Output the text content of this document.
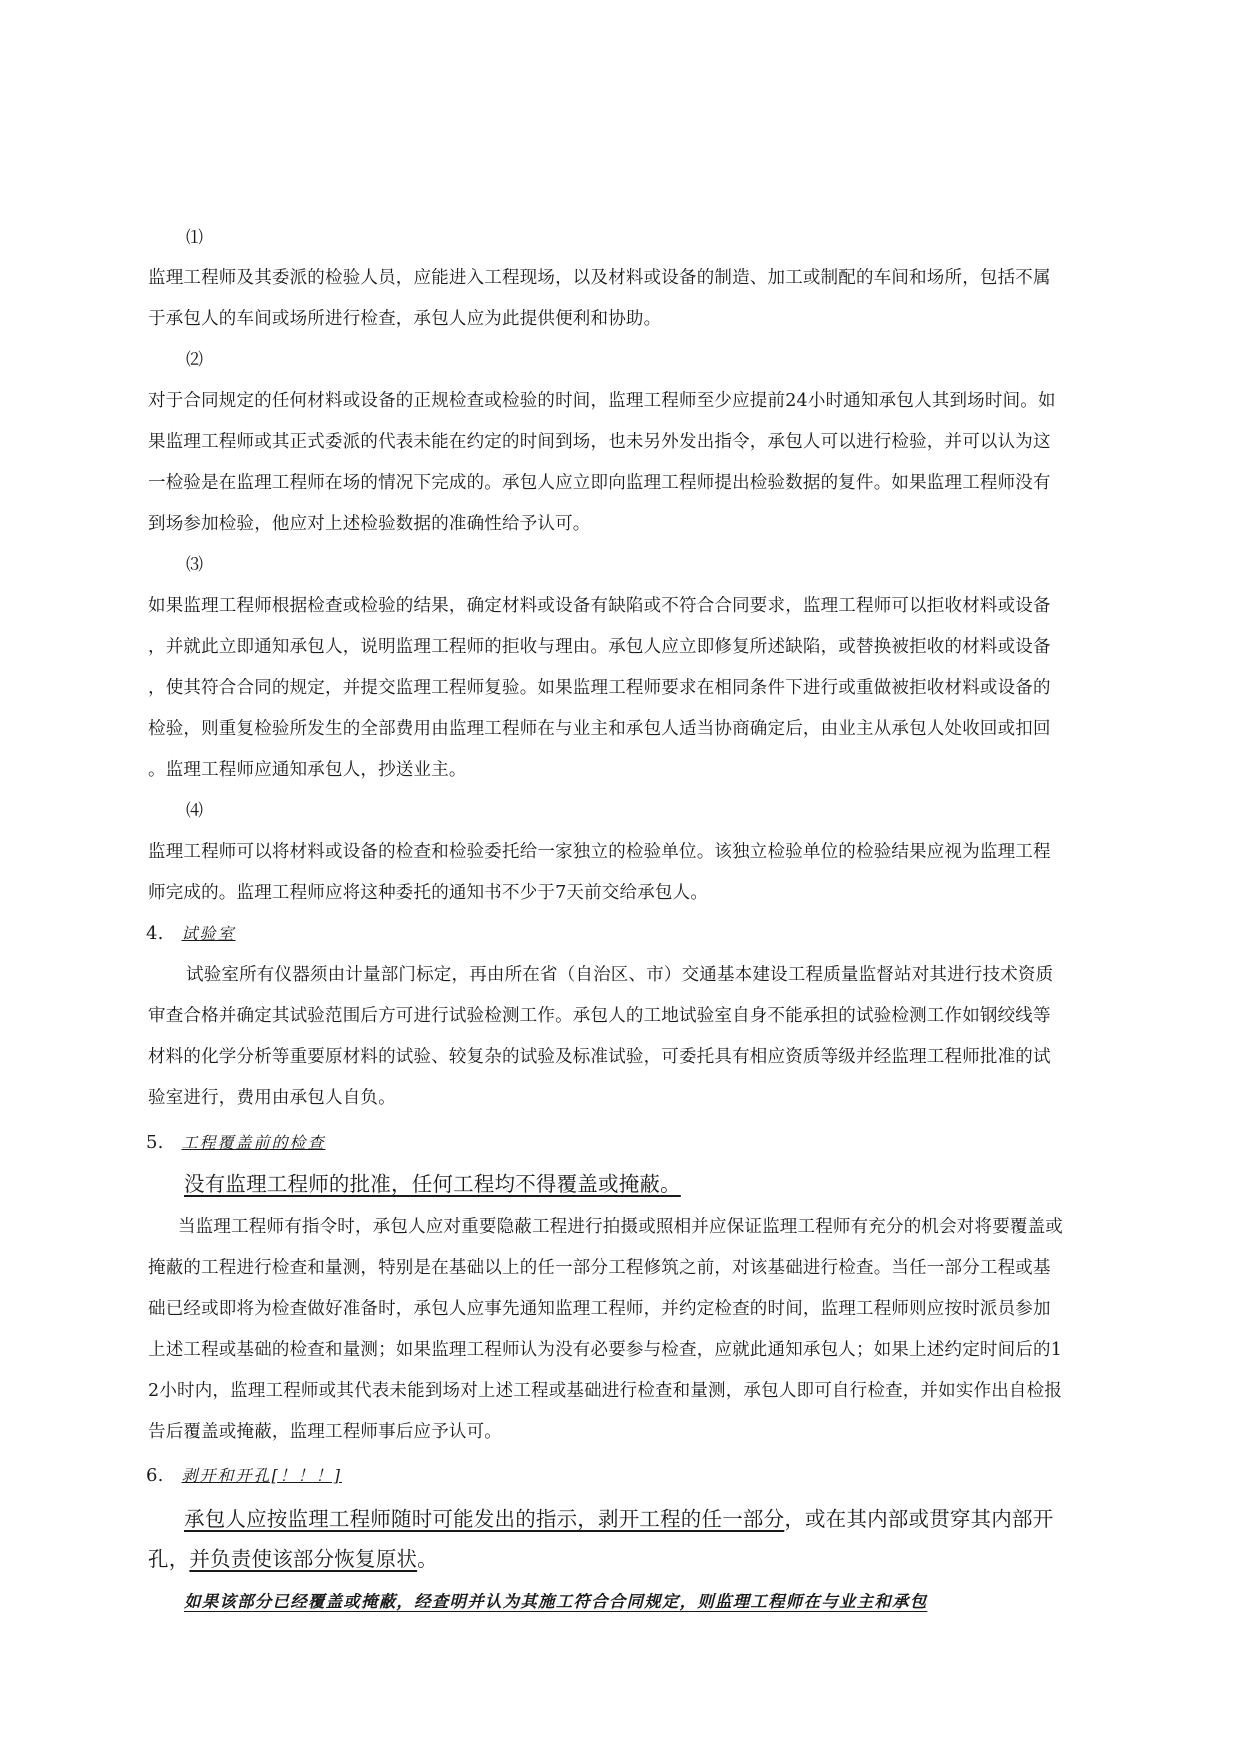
⑴
监理工程师及其委派的检验人员，应能进入工程现场，以及材料或设备的制造、加工或制配的车间和场所，包括不属
于承包人的车间或场所进行检查，承包人应为此提供便利和协助。
⑵
对于合同规定的任何材料或设备的正规检查或检验的时间，监理工程师至少应提前24小时通知承包人其到场时间。如
果监理工程师或其正式委派的代表未能在约定的时间到场，也未另外发出指令，承包人可以进行检验，并可以认为这
一检验是在监理工程师在场的情况下完成的。承包人应立即向监理工程师提出检验数据的复件。如果监理工程师没有
到场参加检验，他应对上述检验数据的准确性给予认可。
⑶
如果监理工程师根据检查或检验的结果，确定材料或设备有缺陷或不符合合同要求，监理工程师可以拒收材料或设备
，并就此立即通知承包人，说明监理工程师的拒收与理由。承包人应立即修复所述缺陷，或替换被拒收的材料或设备
，使其符合合同的规定，并提交监理工程师复验。如果监理工程师要求在相同条件下进行或重做被拒收材料或设备的
检验，则重复检验所发生的全部费用由监理工程师在与业主和承包人适当协商确定后，由业主从承包人处收回或扣回
。监理工程师应通知承包人，抄送业主。
⑷
监理工程师可以将材料或设备的检查和检验委托给一家独立的检验单位。该独立检验单位的检验结果应视为监理工程
师完成的。监理工程师应将这种委托的通知书不少于7天前交给承包人。
4. 试验室
试验室所有仪器须由计量部门标定，再由所在省（自治区、市）交通基本建设工程质量监督站对其进行技术资质
审查合格并确定其试验范围后方可进行试验检测工作。承包人的工地试验室自身不能承担的试验检测工作如钢绞线等
材料的化学分析等重要原材料的试验、较复杂的试验及标准试验，可委托具有相应资质等级并经监理工程师批准的试
验室进行，费用由承包人自负。
5. 工程覆盖前的检查
没有监理工程师的批准，任何工程均不得覆盖或掩蔽。
当监理工程师有指令时，承包人应对重要隐蔽工程进行拍摄或照相并应保证监理工程师有充分的机会对将要覆盖或
掩蔽的工程进行检查和量测，特别是在基础以上的任一部分工程修筑之前，对该基础进行检查。当任一部分工程或基
础已经或即将为检查做好准备时，承包人应事先通知监理工程师，并约定检查的时间，监理工程师则应按时派员参加
上述工程或基础的检查和量测；如果监理工程师认为没有必要参与检查，应就此通知承包人；如果上述约定时间后的1
2小时内，监理工程师或其代表未能到场对上述工程或基础进行检查和量测，承包人即可自行检查，并如实作出自检报
告后覆盖或掩蔽，监理工程师事后应予认可。
6. 剥开和开孔[！！！]
承包人应按监理工程师随时可能发出的指示，剥开工程的任一部分，或在其内部或贯穿其内部开
孔，并负责使该部分恢复原状。
如果该部分已经覆盖或掩蔽，经查明并认为其施工符合合同规定，则监理工程师在与业主和承包
